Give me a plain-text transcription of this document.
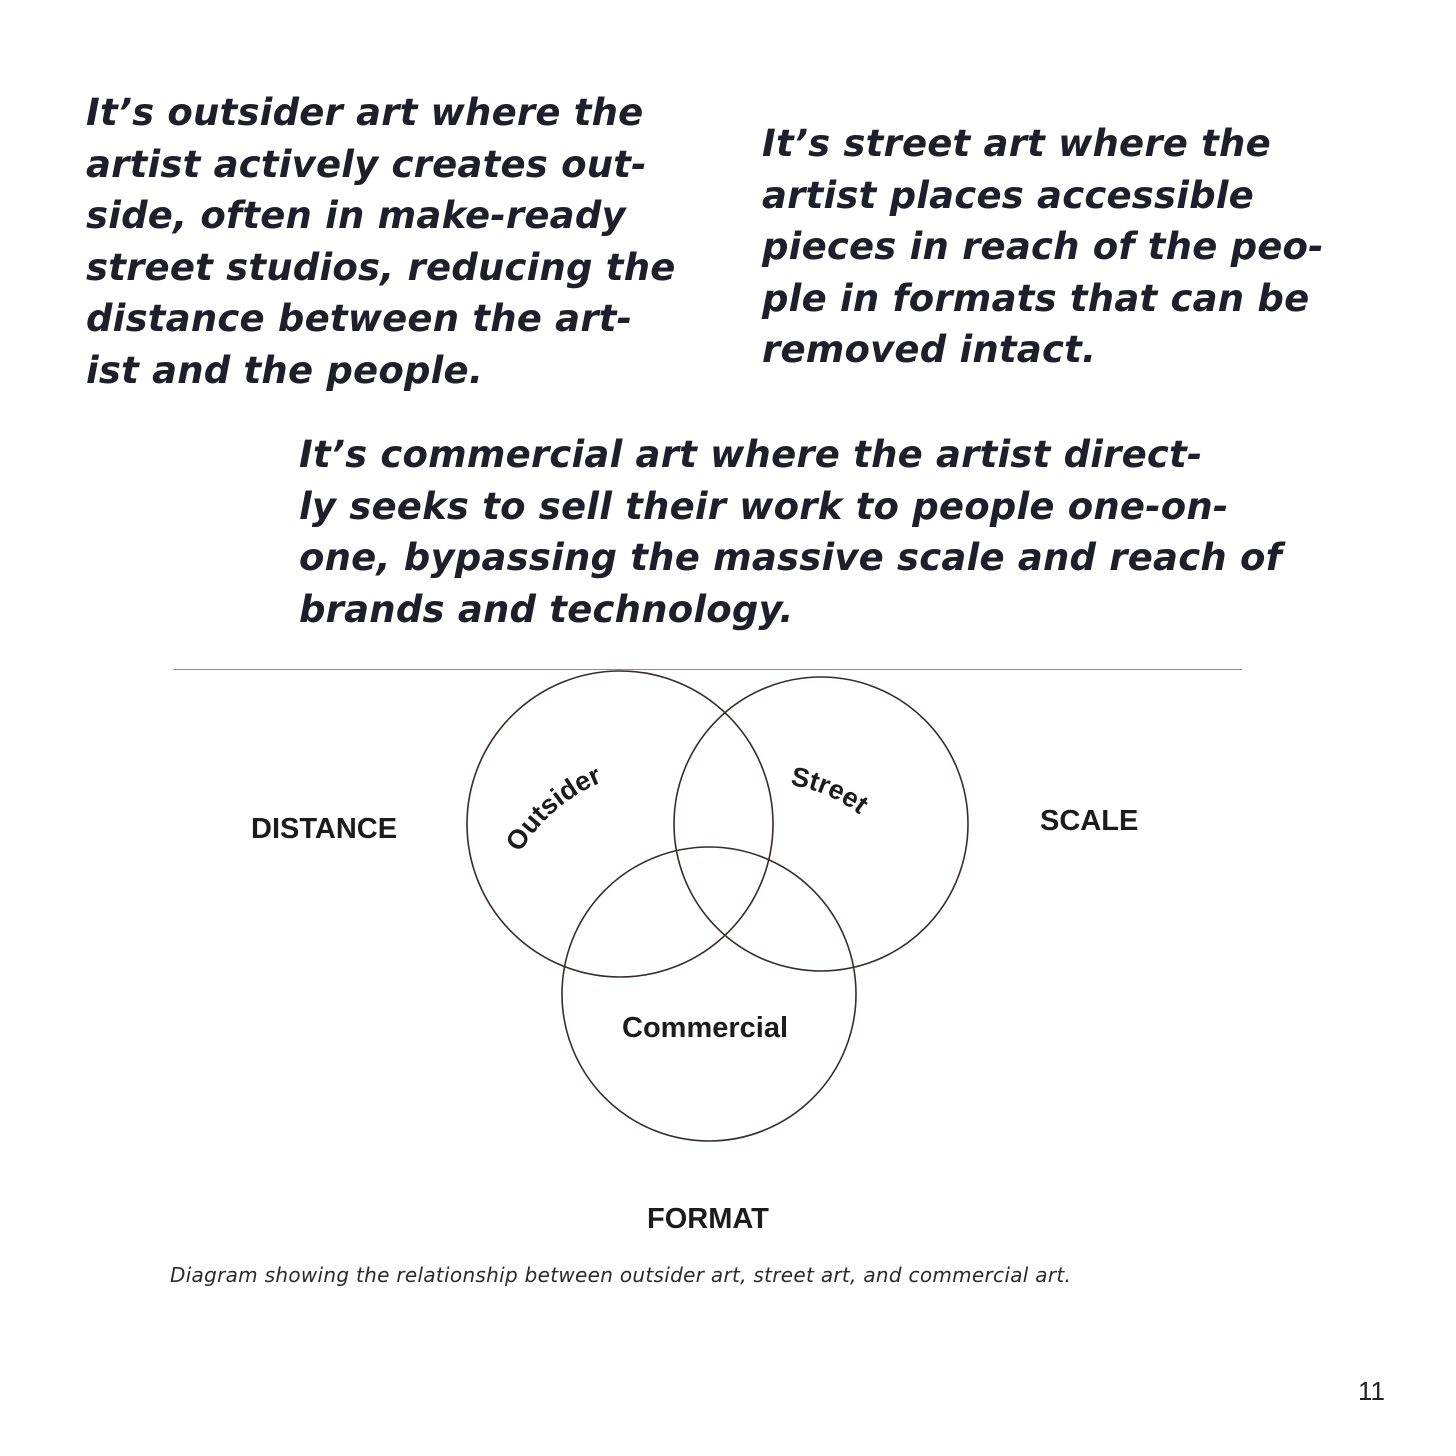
It’s outsider art where the
artist actively creates out-
side, often in make-ready
street studios, reducing the
distance between the art-
ist and the people.
It’s street art where the
artist places accessible
pieces in reach of the peo-
ple in formats that can be
removed intact.
It’s commercial art where the artist direct-
ly seeks to sell their work to people one-on-
one, bypassing the massive scale and reach of
brands and technology.
Outsider	Street
Commercial
DISTANCE	SCALE
FORMAT
Diagram showing the relationship between outsider art, street art, and commercial art.
11
